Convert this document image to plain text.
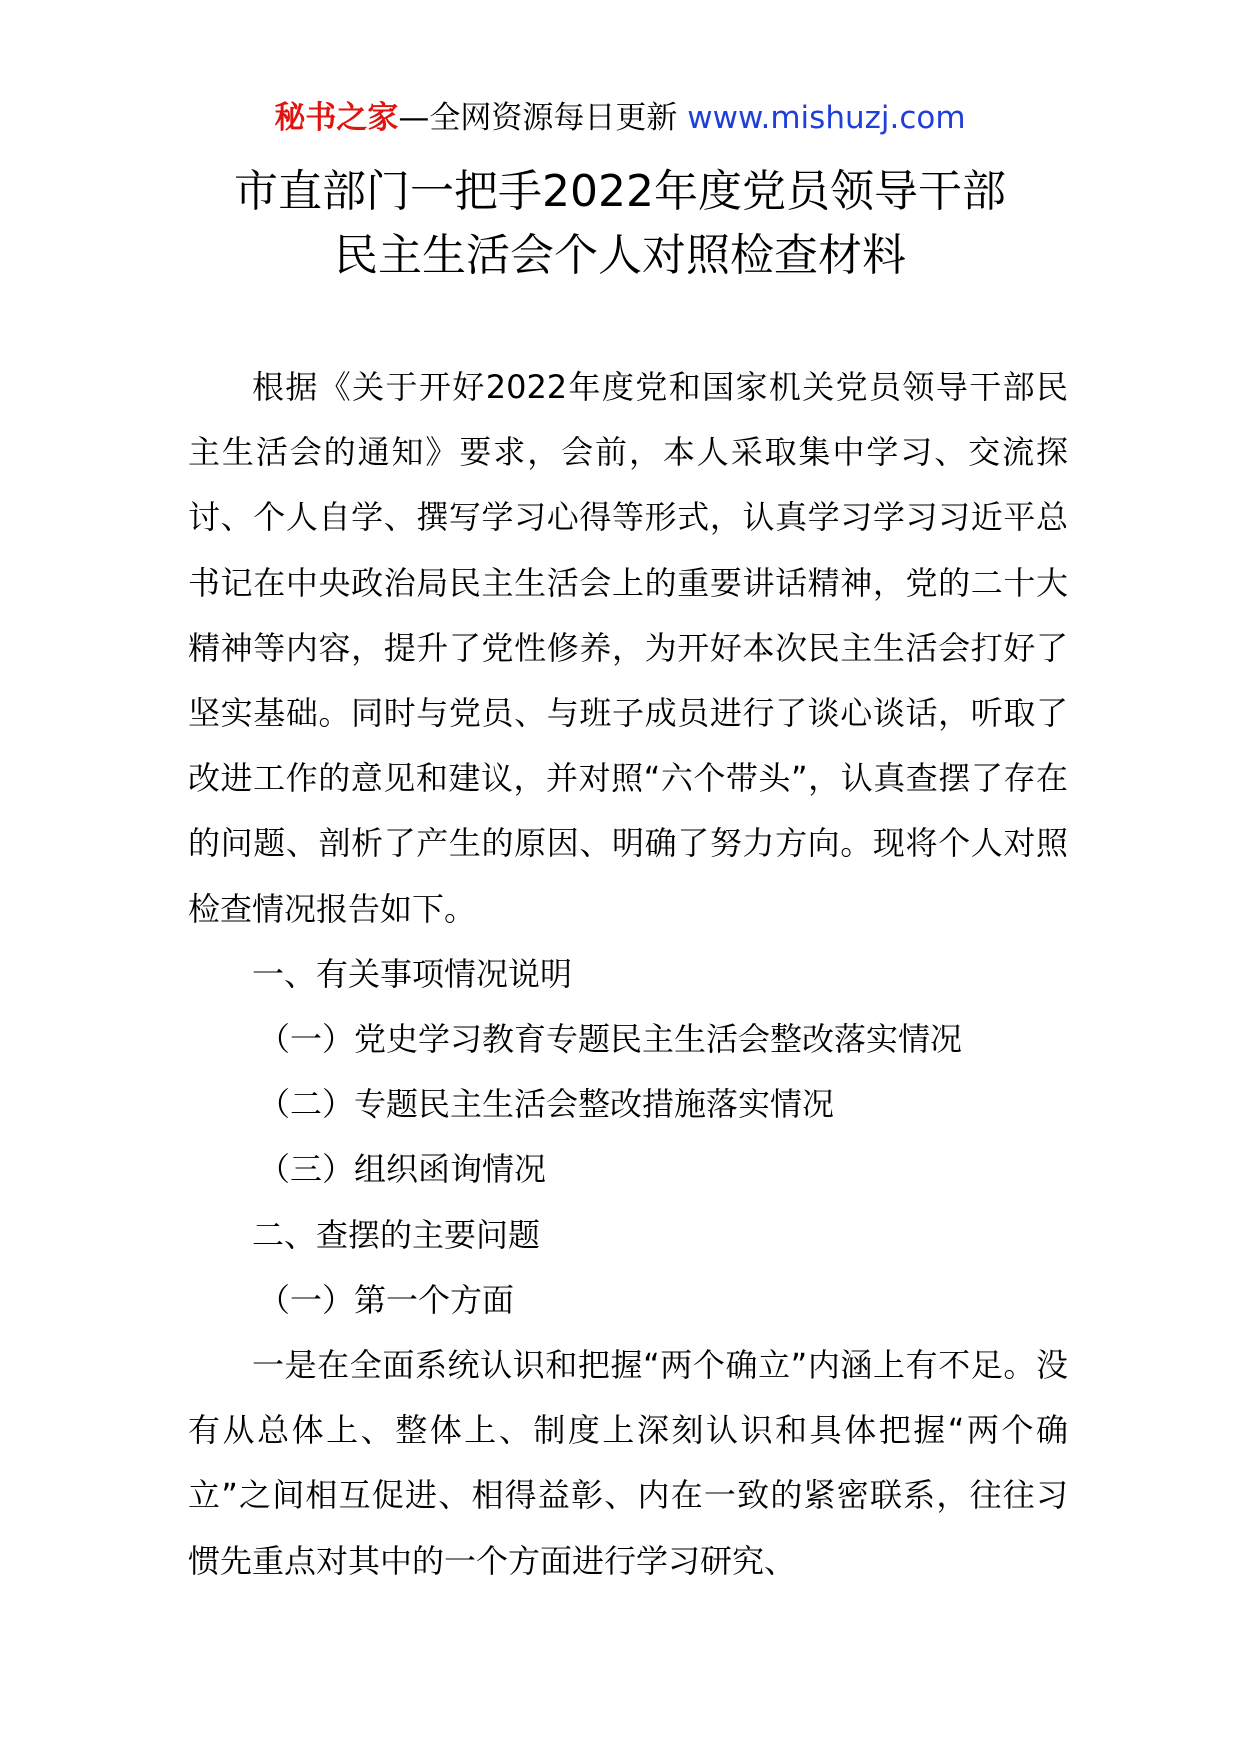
秘书之家—全网资源每日更新 www.mishuzj.com
市直部门一把手2022年度党员领导干部
民主生活会个人对照检查材料

根据《关于开好2022年度党和国家机关党员领导干部民主生活会的通知》要求，会前，本人采取集中学习、交流探讨、个人自学、撰写学习心得等形式，认真学习学习习近平总书记在中央政治局民主生活会上的重要讲话精神，党的二十大精神等内容，提升了党性修养，为开好本次民主生活会打好了坚实基础。同时与党员、与班子成员进行了谈心谈话，听取了改进工作的意见和建议，并对照“六个带头”，认真查摆了存在的问题、剖析了产生的原因、明确了努力方向。现将个人对照检查情况报告如下。

一、有关事项情况说明

（一）党史学习教育专题民主生活会整改落实情况

（二）专题民主生活会整改措施落实情况

（三）组织函询情况

二、查摆的主要问题

（一）第一个方面

一是在全面系统认识和把握“两个确立”内涵上有不足。没有从总体上、整体上、制度上深刻认识和具体把握“两个确立”之间相互促进、相得益彰、内在一致的紧密联系，往往习惯先重点对其中的一个方面进行学习研究、
